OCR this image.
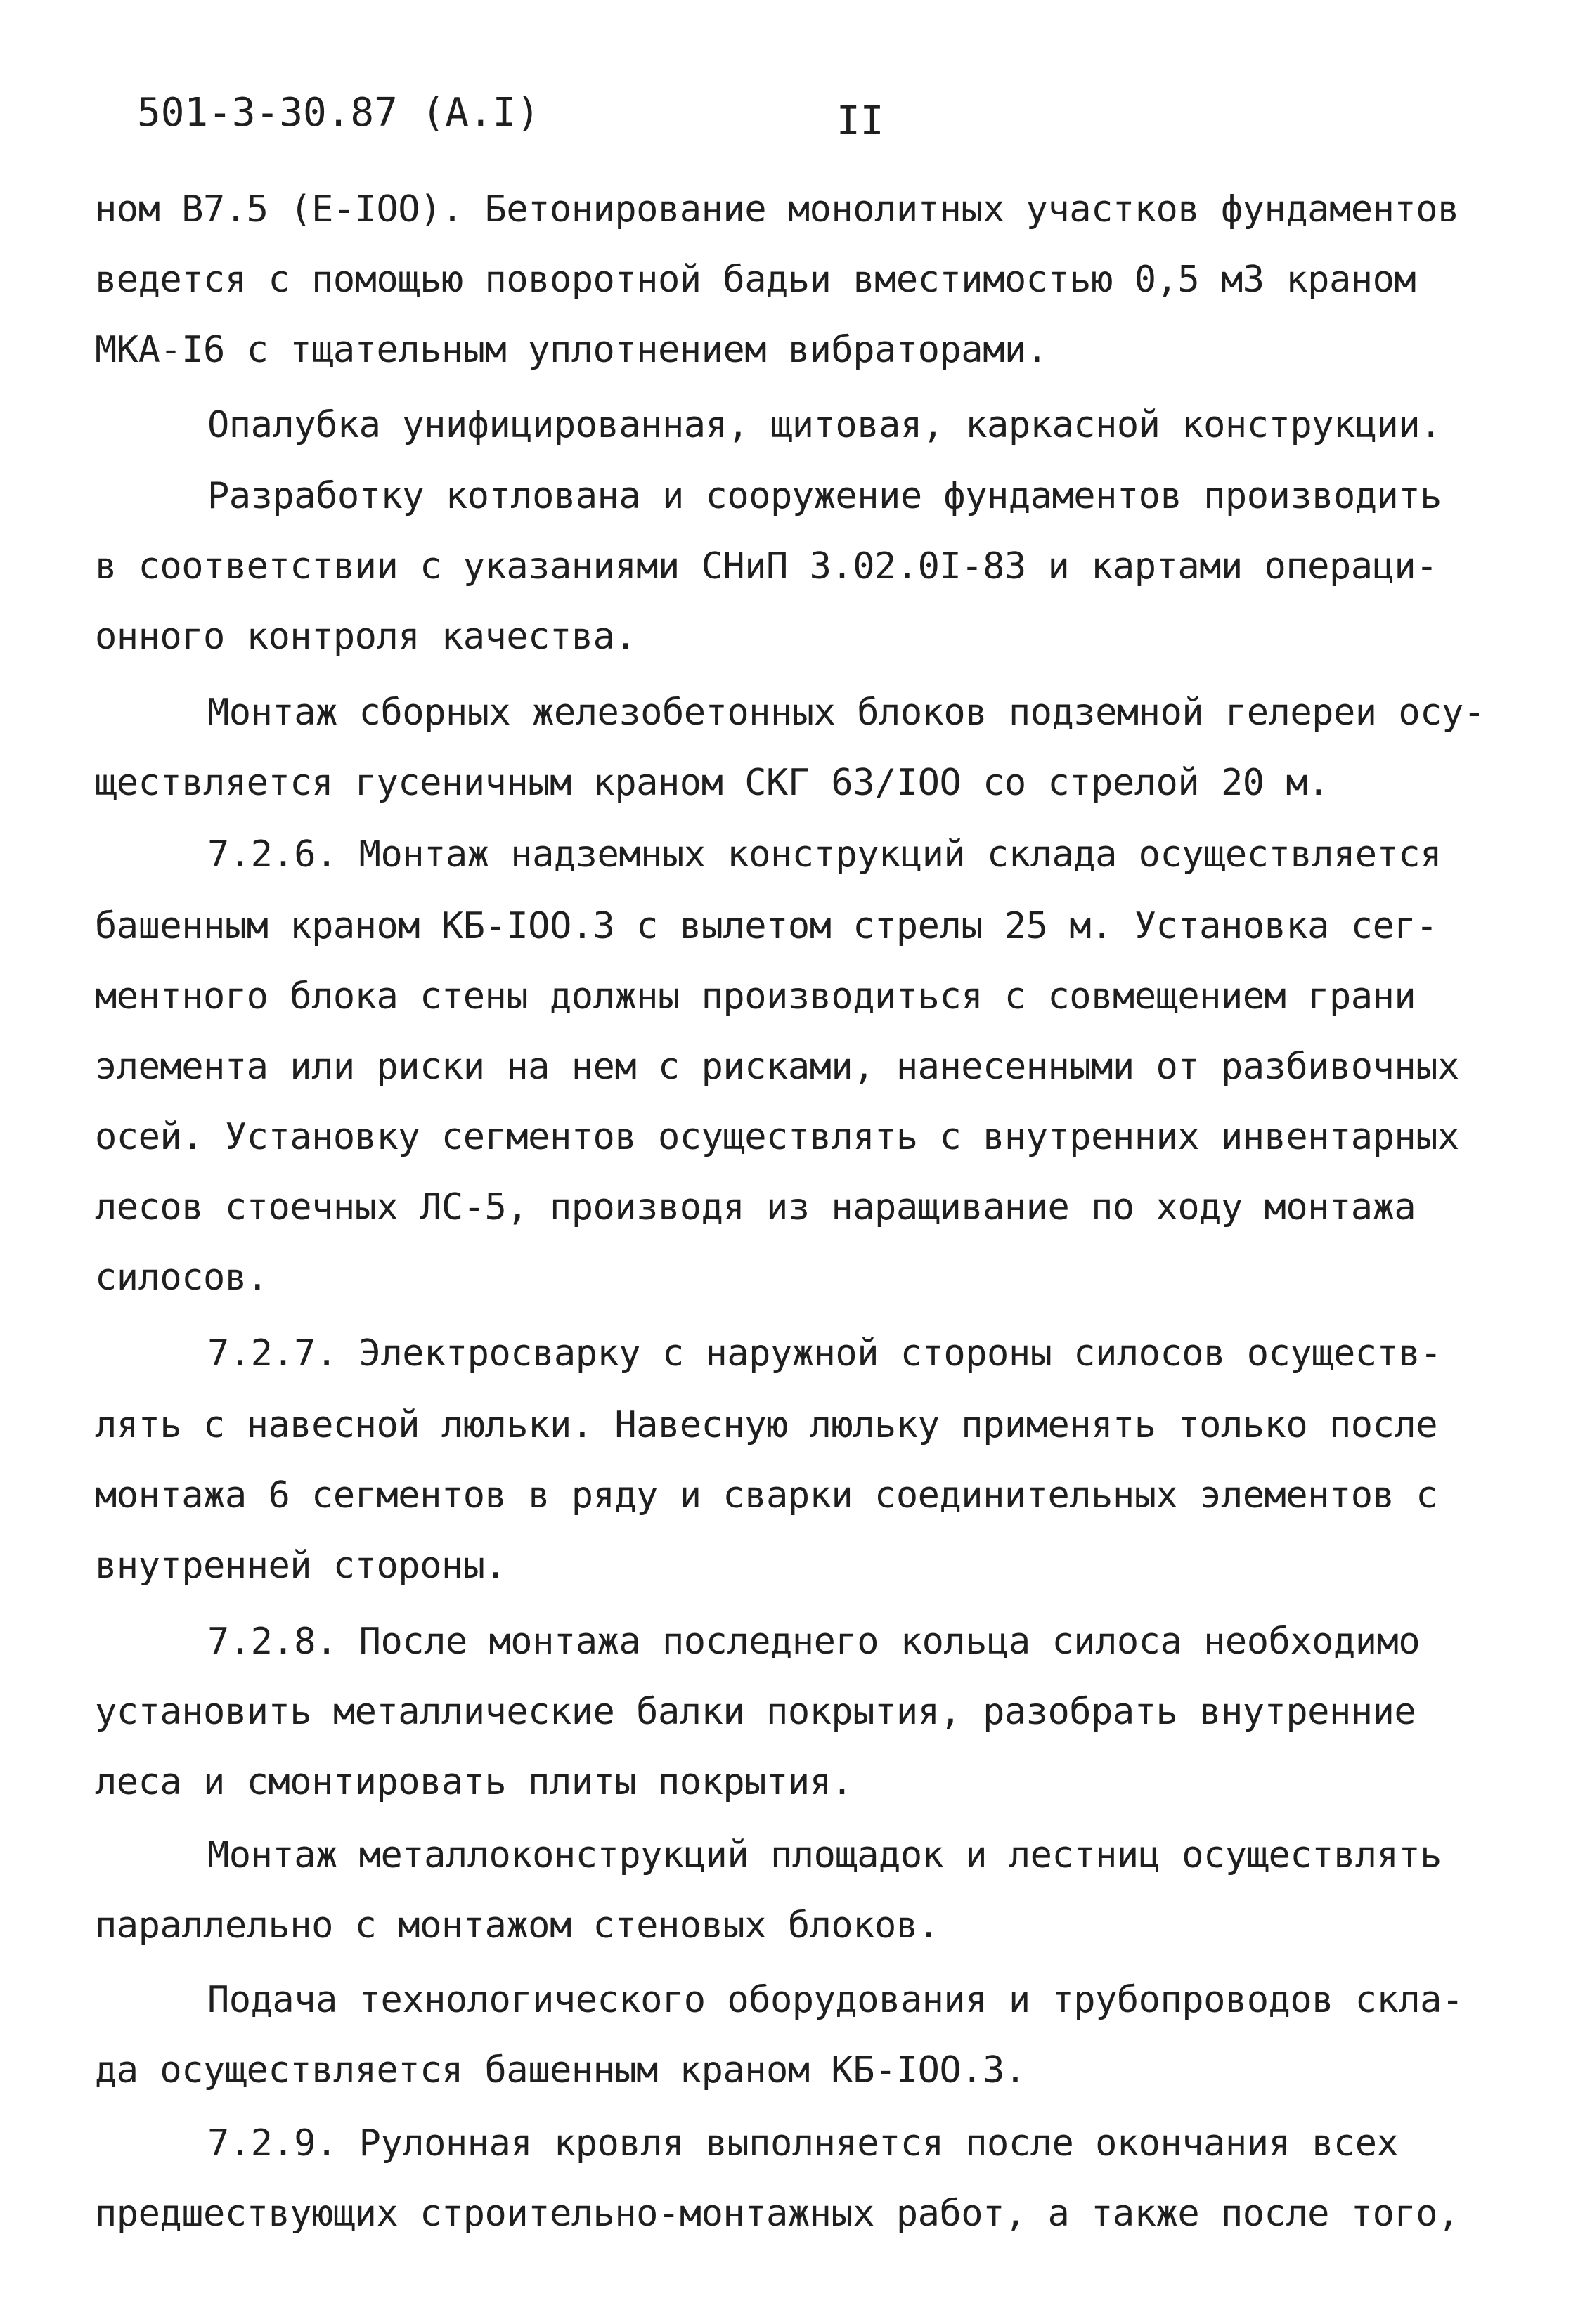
501-3-30.87 (A.I)	II
ном В7.5 (Е-IOO). Бетонирование монолитных участков фундаментов
ведется с помощью поворотной бадьи вместимостью 0,5 м3 краном
МКА-I6 с тщательным уплотнением вибраторами.
Опалубка унифицированная, щитовая, каркасной конструкции.
Разработку котлована и сооружение фундаментов производить
в соответствии с указаниями СНиП 3.02.0I-83 и картами операци-
онного контроля качества.
Монтаж сборных железобетонных блоков подземной гелереи осу-
ществляется гусеничным краном СКГ 63/IOO со стрелой 20 м.
7.2.6. Монтаж надземных конструкций склада осуществляется
башенным краном КБ-IOO.3 с вылетом стрелы 25 м. Установка сег-
ментного блока стены должны производиться с совмещением грани
элемента или риски на нем с рисками, нанесенными от разбивочных
осей. Установку сегментов осуществлять с внутренних инвентарных
лесов стоечных ЛС-5, производя из наращивание по ходу монтажа
силосов.
7.2.7. Электросварку с наружной стороны силосов осуществ-
лять с навесной люльки. Навесную люльку применять только после
монтажа 6 сегментов в ряду и сварки соединительных элементов с
внутренней стороны.
7.2.8. После монтажа последнего кольца силоса необходимо
установить металлические балки покрытия, разобрать внутренние
леса и смонтировать плиты покрытия.
Монтаж металлоконструкций площадок и лестниц осуществлять
параллельно с монтажом стеновых блоков.
Подача технологического оборудования и трубопроводов скла-
да осуществляется башенным краном КБ-IOO.3.
7.2.9. Рулонная кровля выполняется после окончания всех
предшествующих строительно-монтажных работ, а также после того,
